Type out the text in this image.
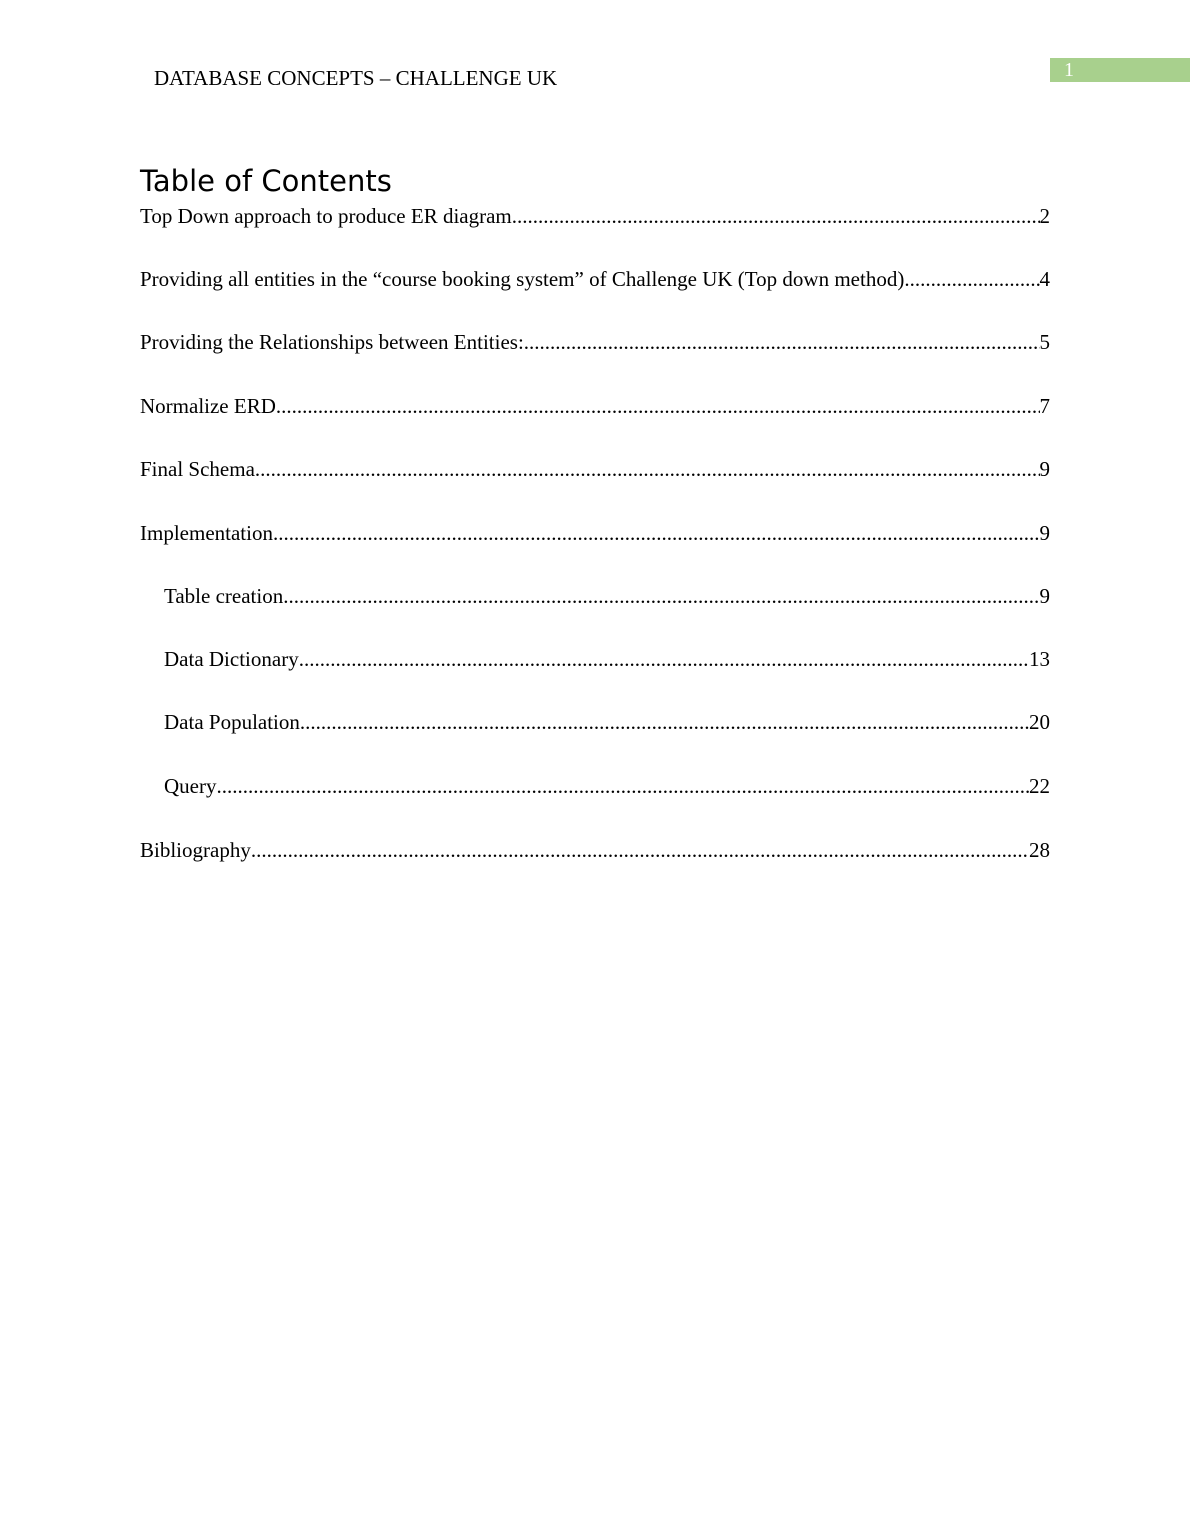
DATABASE CONCEPTS – CHALLENGE UK	1
Table of Contents
Top Down approach to produce ER diagram .....	2
Providing all entities in the “course booking system” of Challenge UK (Top down method) .....	4
Providing the Relationships between Entities: .....	5
Normalize ERD .....	7
Final Schema .....	9
Implementation .....	9
Table creation .....	9
Data Dictionary .....	13
Data Population .....	20
Query .....	22
Bibliography .....	28
